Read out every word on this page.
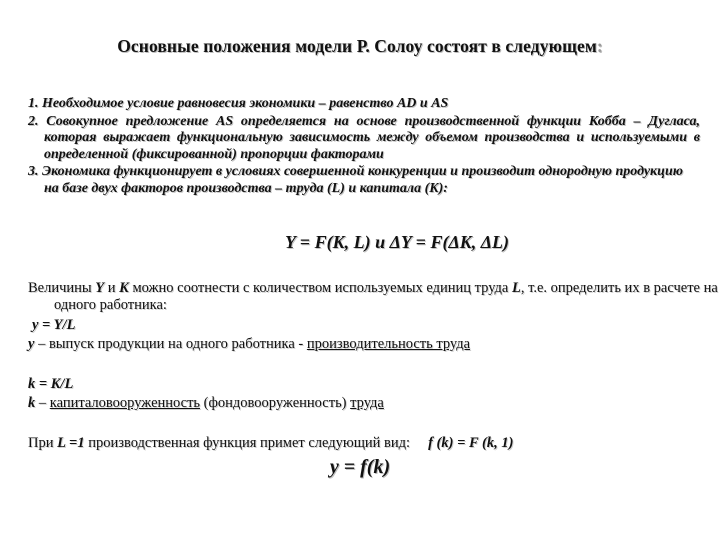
Основные положения модели Р. Солоу состоят в следующем:
1. Необходимое условие равновесия экономики – равенство AD и AS
2. Совокупное предложение AS определяется на основе производственной функции Кобба – Дугласа, которая выражает функциональную зависимость между объемом производства и используемыми в определенной (фиксированной) пропорции факторами
3. Экономика функционирует в условиях совершенной конкуренции и производит однородную продукцию на базе двух факторов производства – труда (L) и капитала (K):
Y = F(K, L) и ΔY = F(ΔK, ΔL)
Величины Y и K можно соотнести с количеством используемых единиц труда L, т.е. определить их в расчете на одного работника:
y = Y/L
y – выпуск продукции на одного работника - производительность труда
k = K/L
k – капиталовооруженность (фондовооруженность) труда
При L =1 производственная функция примет следующий вид: f (k) = F (k, 1)
y = f(k)
